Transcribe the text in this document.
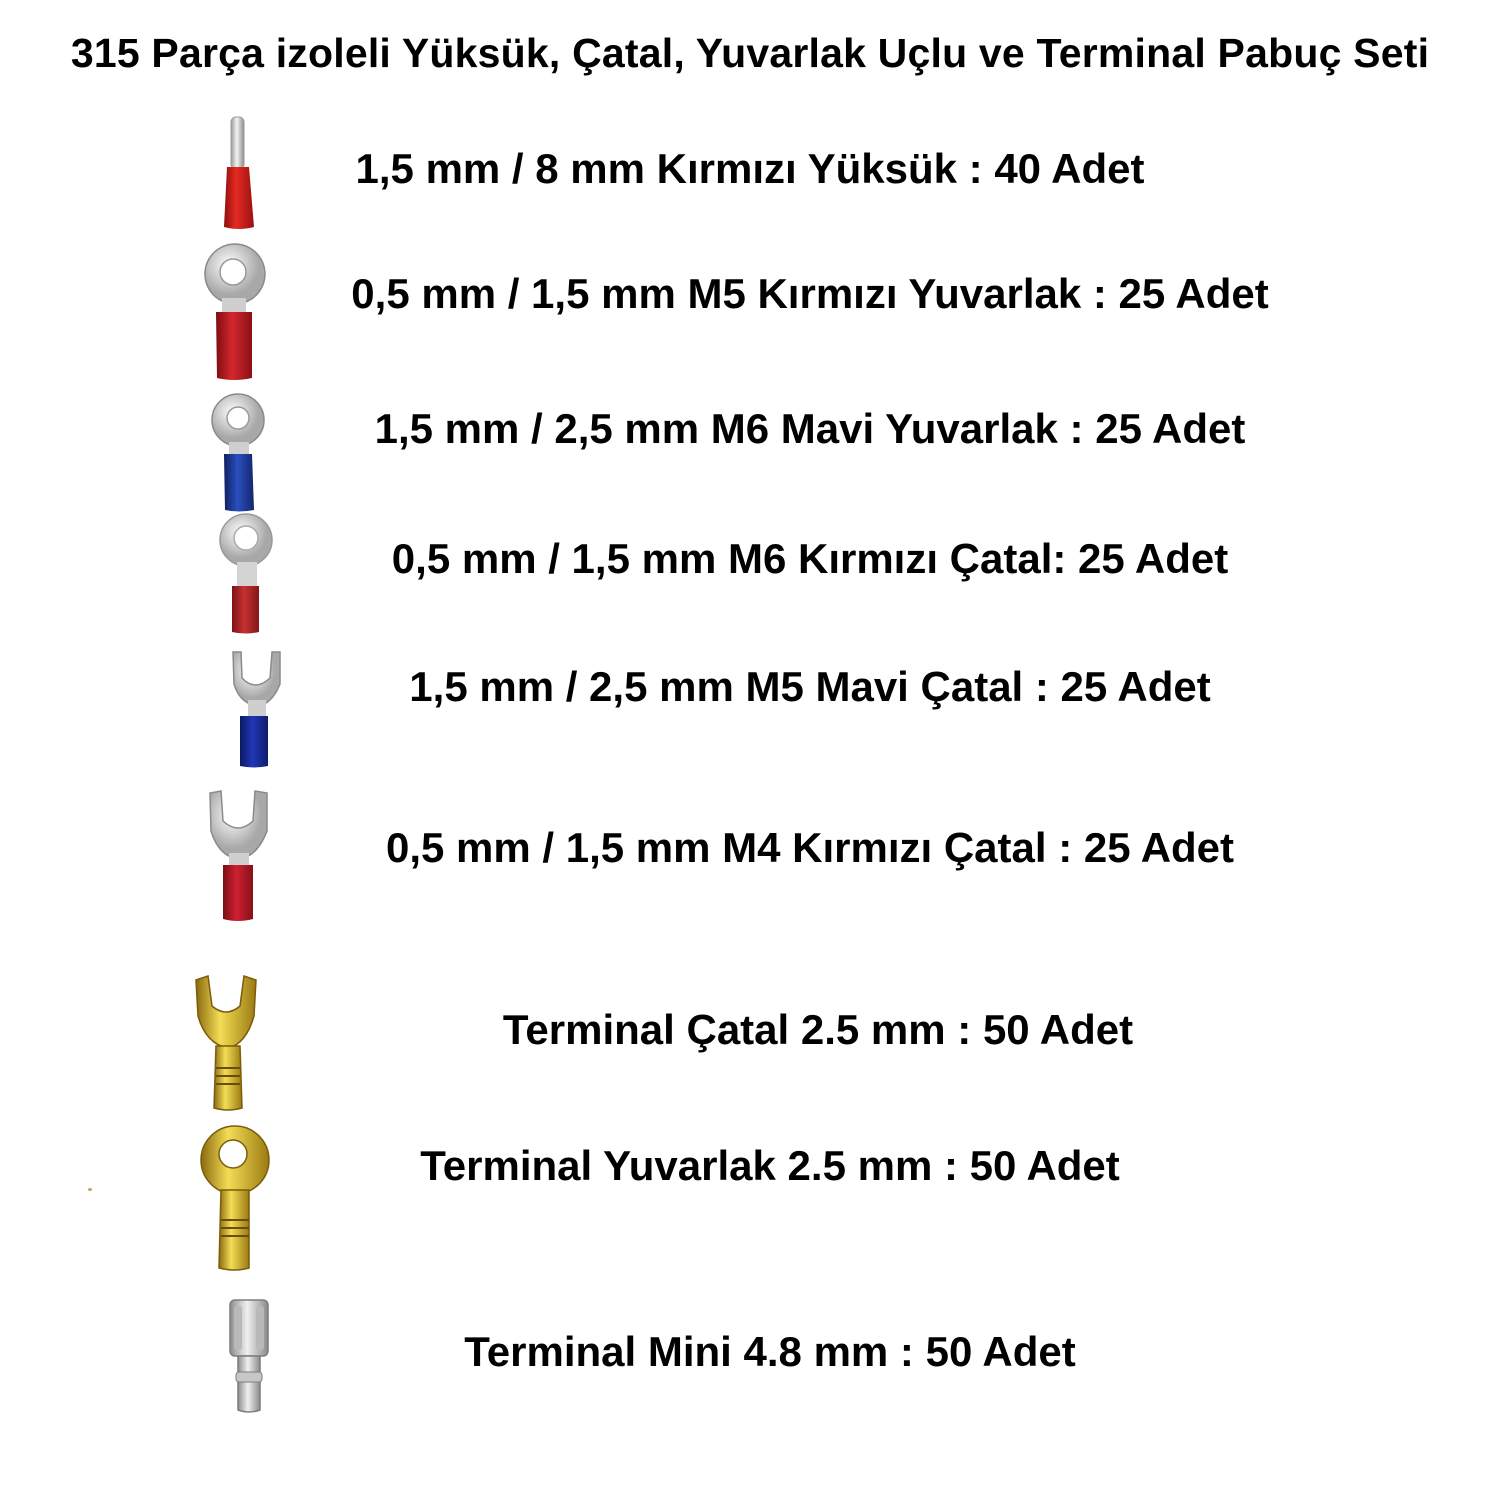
315 Parça izoleli Yüksük, Çatal, Yuvarlak Uçlu ve Terminal Pabuç Seti
1,5 mm / 8 mm Kırmızı Yüksük : 40 Adet
0,5 mm / 1,5 mm M5 Kırmızı Yuvarlak : 25 Adet
1,5 mm / 2,5 mm M6 Mavi Yuvarlak : 25 Adet
0,5 mm / 1,5 mm M6 Kırmızı Çatal: 25 Adet
1,5 mm / 2,5 mm M5 Mavi Çatal : 25 Adet
0,5 mm / 1,5 mm M4 Kırmızı Çatal : 25 Adet
Terminal Çatal 2.5 mm : 50 Adet
Terminal Yuvarlak 2.5 mm : 50 Adet
Terminal Mini 4.8 mm : 50 Adet
